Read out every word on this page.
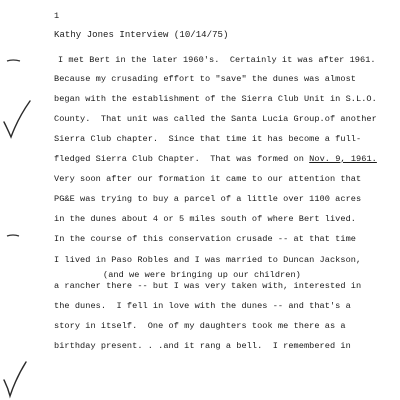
1
Kathy Jones Interview (10/14/75)
I met Bert in the later 1960's.  Certainly it was after 1961.
Because my crusading effort to "save" the dunes was almost
began with the establishment of the Sierra Club Unit in S.L.O.
County.  That unit was called the Santa Lucia Group.of another
Sierra Club chapter.  Since that time it has become a full-
fledged Sierra Club Chapter.  That was formed on Nov. 9, 1961.
Very soon after our formation it came to our attention that
PG&E was trying to buy a parcel of a little over 1100 acres
in the dunes about 4 or 5 miles south of where Bert lived.
In the course of this conservation crusade -- at that time
I lived in Paso Robles and I was married to Duncan Jackson,
(and we were bringing up our children)
a rancher there -- but I was very taken with, interested in
the dunes.  I fell in love with the dunes -- and that's a
story in itself.  One of my daughters took me there as a
birthday present. . .and it rang a bell.  I remembered in
